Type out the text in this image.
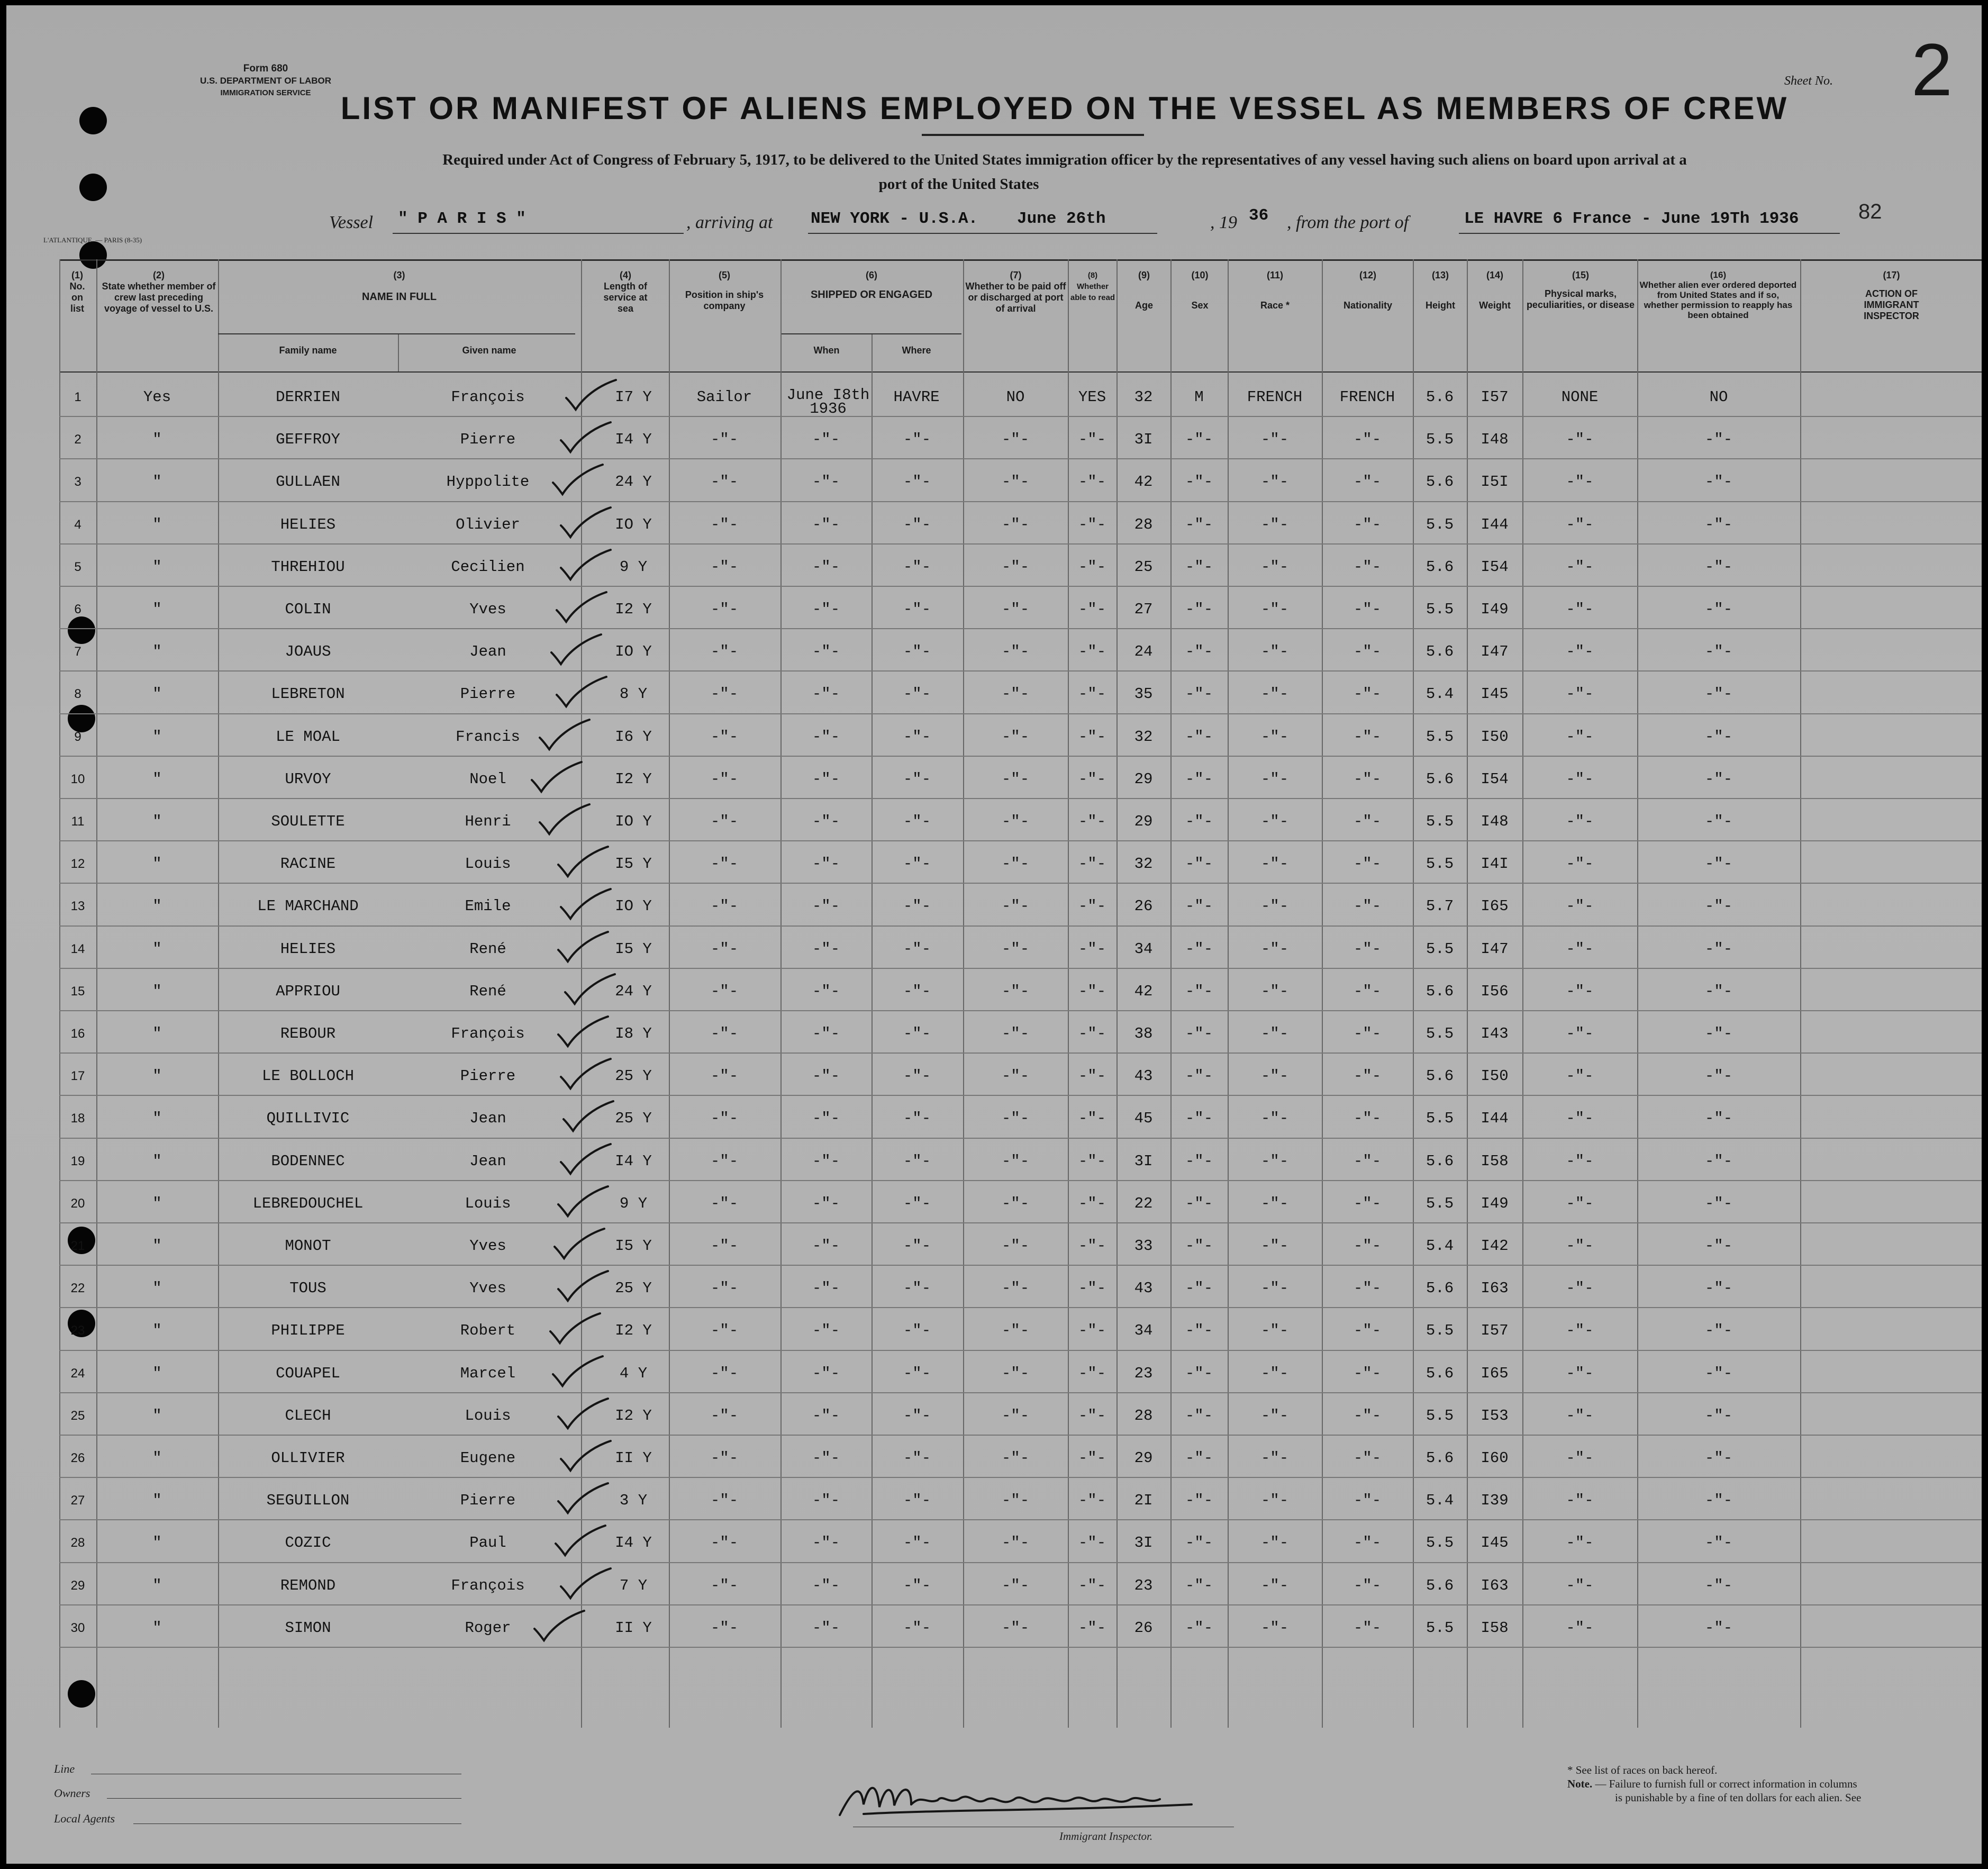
Form 680
U.S. DEPARTMENT OF LABOR
IMMIGRATION SERVICE
Sheet No. 2
LIST OR MANIFEST OF ALIENS EMPLOYED ON THE VESSEL AS MEMBERS OF CREW
Required under Act of Congress of February 5, 1917, to be delivered to the United States immigration officer by the representatives of any vessel having such aliens on board upon arrival at a
port of the United States
Vessel " P A R I S "	, arriving at NEW YORK - U.S.A. June 26th	, 19 36 , from the port of	LE HAVRE 6 France - June 19Th 1936	82
L'ATLANTIQUE. — PARIS (8-35)
(1)
No. on list
(2)
State whether member of crew last preceding voyage of vessel to U.S.
(3)
NAME IN FULL
Family name	Given name
(4)
Length of service at sea
(5)
Position in ship's company
(6)
SHIPPED OR ENGAGED
When	Where
(7)
Whether to be paid off or discharged at port of arrival
(8)
Whether able to read
(9)
Age
(10)
Sex
(11)
Race *
(12)
Nationality
(13)
Height
(14)
Weight
(15)
Physical marks, peculiarities, or disease
(16)
Whether alien ever ordered deported from United States and if so, whether permission to reapply has been obtained
(17)
ACTION OF IMMIGRANT INSPECTOR
1	Yes	DERRIEN	François	I7 Y	Sailor	June I8th
1936
HAVRE	NO	YES	32	M	FRENCH	FRENCH	5.6	I57	NONE	NO
2	"	GEFFROY	Pierre	I4 Y	-"-	-"-	-"-	-"-	-"-	3I	-"-	-"-	-"-	5.5	I48	-"-	-"-
3	"	GULLAEN	Hyppolite	24 Y	-"-	-"-	-"-	-"-	-"-	42	-"-	-"-	-"-	5.6	I5I	-"-	-"-
4	"	HELIES	Olivier	IO Y	-"-	-"-	-"-	-"-	-"-	28	-"-	-"-	-"-	5.5	I44	-"-	-"-
5	"	THREHIOU	Cecilien	9 Y	-"-	-"-	-"-	-"-	-"-	25	-"-	-"-	-"-	5.6	I54	-"-	-"-
6	"	COLIN	Yves	I2 Y	-"-	-"-	-"-	-"-	-"-	27	-"-	-"-	-"-	5.5	I49	-"-	-"-
7	"	JOAUS	Jean	IO Y	-"-	-"-	-"-	-"-	-"-	24	-"-	-"-	-"-	5.6	I47	-"-	-"-
8	"	LEBRETON	Pierre	8 Y	-"-	-"-	-"-	-"-	-"-	35	-"-	-"-	-"-	5.4	I45	-"-	-"-
9	"	LE MOAL	Francis	I6 Y	-"-	-"-	-"-	-"-	-"-	32	-"-	-"-	-"-	5.5	I50	-"-	-"-
10	"	URVOY	Noel	I2 Y	-"-	-"-	-"-	-"-	-"-	29	-"-	-"-	-"-	5.6	I54	-"-	-"-
11	"	SOULETTE	Henri	IO Y	-"-	-"-	-"-	-"-	-"-	29	-"-	-"-	-"-	5.5	I48	-"-	-"-
12	"	RACINE	Louis	I5 Y	-"-	-"-	-"-	-"-	-"-	32	-"-	-"-	-"-	5.5	I4I	-"-	-"-
13	"	LE MARCHAND	Emile	IO Y	-"-	-"-	-"-	-"-	-"-	26	-"-	-"-	-"-	5.7	I65	-"-	-"-
14	"	HELIES	René	I5 Y	-"-	-"-	-"-	-"-	-"-	34	-"-	-"-	-"-	5.5	I47	-"-	-"-
15	"	APPRIOU	René	24 Y	-"-	-"-	-"-	-"-	-"-	42	-"-	-"-	-"-	5.6	I56	-"-	-"-
16	"	REBOUR	François	I8 Y	-"-	-"-	-"-	-"-	-"-	38	-"-	-"-	-"-	5.5	I43	-"-	-"-
17	"	LE BOLLOCH	Pierre	25 Y	-"-	-"-	-"-	-"-	-"-	43	-"-	-"-	-"-	5.6	I50	-"-	-"-
18	"	QUILLIVIC	Jean	25 Y	-"-	-"-	-"-	-"-	-"-	45	-"-	-"-	-"-	5.5	I44	-"-	-"-
19	"	BODENNEC	Jean	I4 Y	-"-	-"-	-"-	-"-	-"-	3I	-"-	-"-	-"-	5.6	I58	-"-	-"-
20	"	LEBREDOUCHEL	Louis	9 Y	-"-	-"-	-"-	-"-	-"-	22	-"-	-"-	-"-	5.5	I49	-"-	-"-
21	"	MONOT	Yves	I5 Y	-"-	-"-	-"-	-"-	-"-	33	-"-	-"-	-"-	5.4	I42	-"-	-"-
22	"	TOUS	Yves	25 Y	-"-	-"-	-"-	-"-	-"-	43	-"-	-"-	-"-	5.6	I63	-"-	-"-
23	"	PHILIPPE	Robert	I2 Y	-"-	-"-	-"-	-"-	-"-	34	-"-	-"-	-"-	5.5	I57	-"-	-"-
24	"	COUAPEL	Marcel	4 Y	-"-	-"-	-"-	-"-	-"-	23	-"-	-"-	-"-	5.6	I65	-"-	-"-
25	"	CLECH	Louis	I2 Y	-"-	-"-	-"-	-"-	-"-	28	-"-	-"-	-"-	5.5	I53	-"-	-"-
26	"	OLLIVIER	Eugene	II Y	-"-	-"-	-"-	-"-	-"-	29	-"-	-"-	-"-	5.6	I60	-"-	-"-
27	"	SEGUILLON	Pierre	3 Y	-"-	-"-	-"-	-"-	-"-	2I	-"-	-"-	-"-	5.4	I39	-"-	-"-
28	"	COZIC	Paul	I4 Y	-"-	-"-	-"-	-"-	-"-	3I	-"-	-"-	-"-	5.5	I45	-"-	-"-
29	"	REMOND	François	7 Y	-"-	-"-	-"-	-"-	-"-	23	-"-	-"-	-"-	5.6	I63	-"-	-"-
30	"	SIMON	Roger	II Y	-"-	-"-	-"-	-"-	-"-	26	-"-	-"-	-"-	5.5	I58	-"-	-"-
Line
Owners
Local Agents
Immigrant Inspector.
* See list of races on back hereof.
Note. — Failure to furnish full or correct information in columns
is punishable by a fine of ten dollars for each alien. See
